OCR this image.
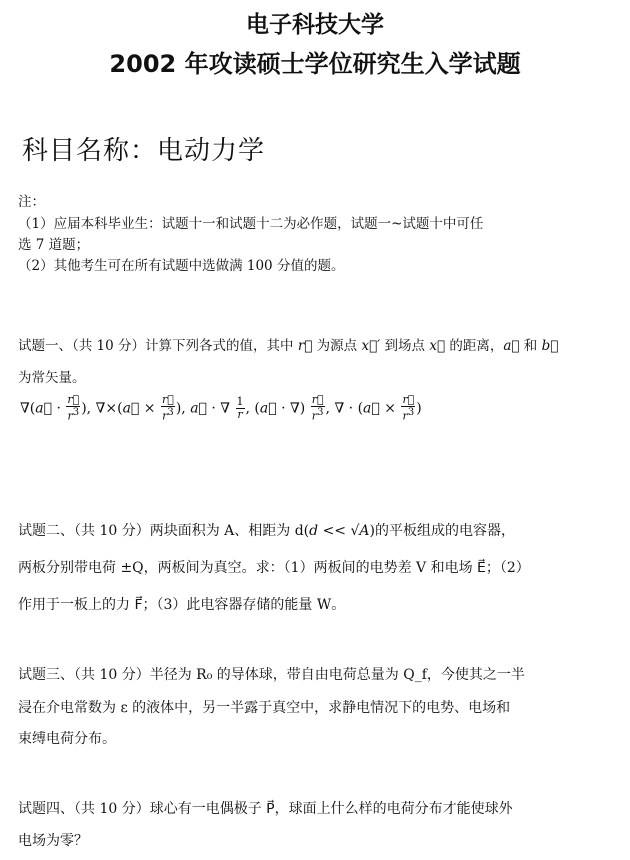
电子科技大学
2002 年攻读硕士学位研究生入学试题
科目名称：电动力学
注：
（1）应届本科毕业生：试题十一和试题十二为必作题，试题一~试题十中可任
选 7 道题；
（2）其他考生可在所有试题中选做满 100 分值的题。
试题一、（共 10 分）计算下列各式的值，其中 r⃗ 为源点 x⃗′ 到场点 x⃗ 的距离，a⃗ 和 b⃗
为常矢量。
∇(a⃗ · $\frac{r⃗}{r^3}$ ), ∇×(a⃗ × $\frac{r⃗}{r^3}$ ), a⃗ · ∇ $\frac{1}{r}$ , (a⃗ · ∇) $\frac{r⃗}{r^3}$ , ∇ · (a⃗ × $\frac{r⃗}{r^3}$ )
试题二、（共 10 分）两块面积为 A、相距为 d(d << √A)的平板组成的电容器，
两板分别带电荷 ±Q，两板间为真空。求：（1）两板间的电势差 V 和电场 E⃗；（2）
作用于一板上的力 F⃗；（3）此电容器存储的能量 W。
试题三、（共 10 分）半径为 R₀ 的导体球，带自由电荷总量为 Q_f，今使其之一半
浸在介电常数为 ε 的液体中，另一半露于真空中，求静电情况下的电势、电场和
束缚电荷分布。
试题四、（共 10 分）球心有一电偶极子 P⃗，球面上什么样的电荷分布才能使球外
电场为零？
